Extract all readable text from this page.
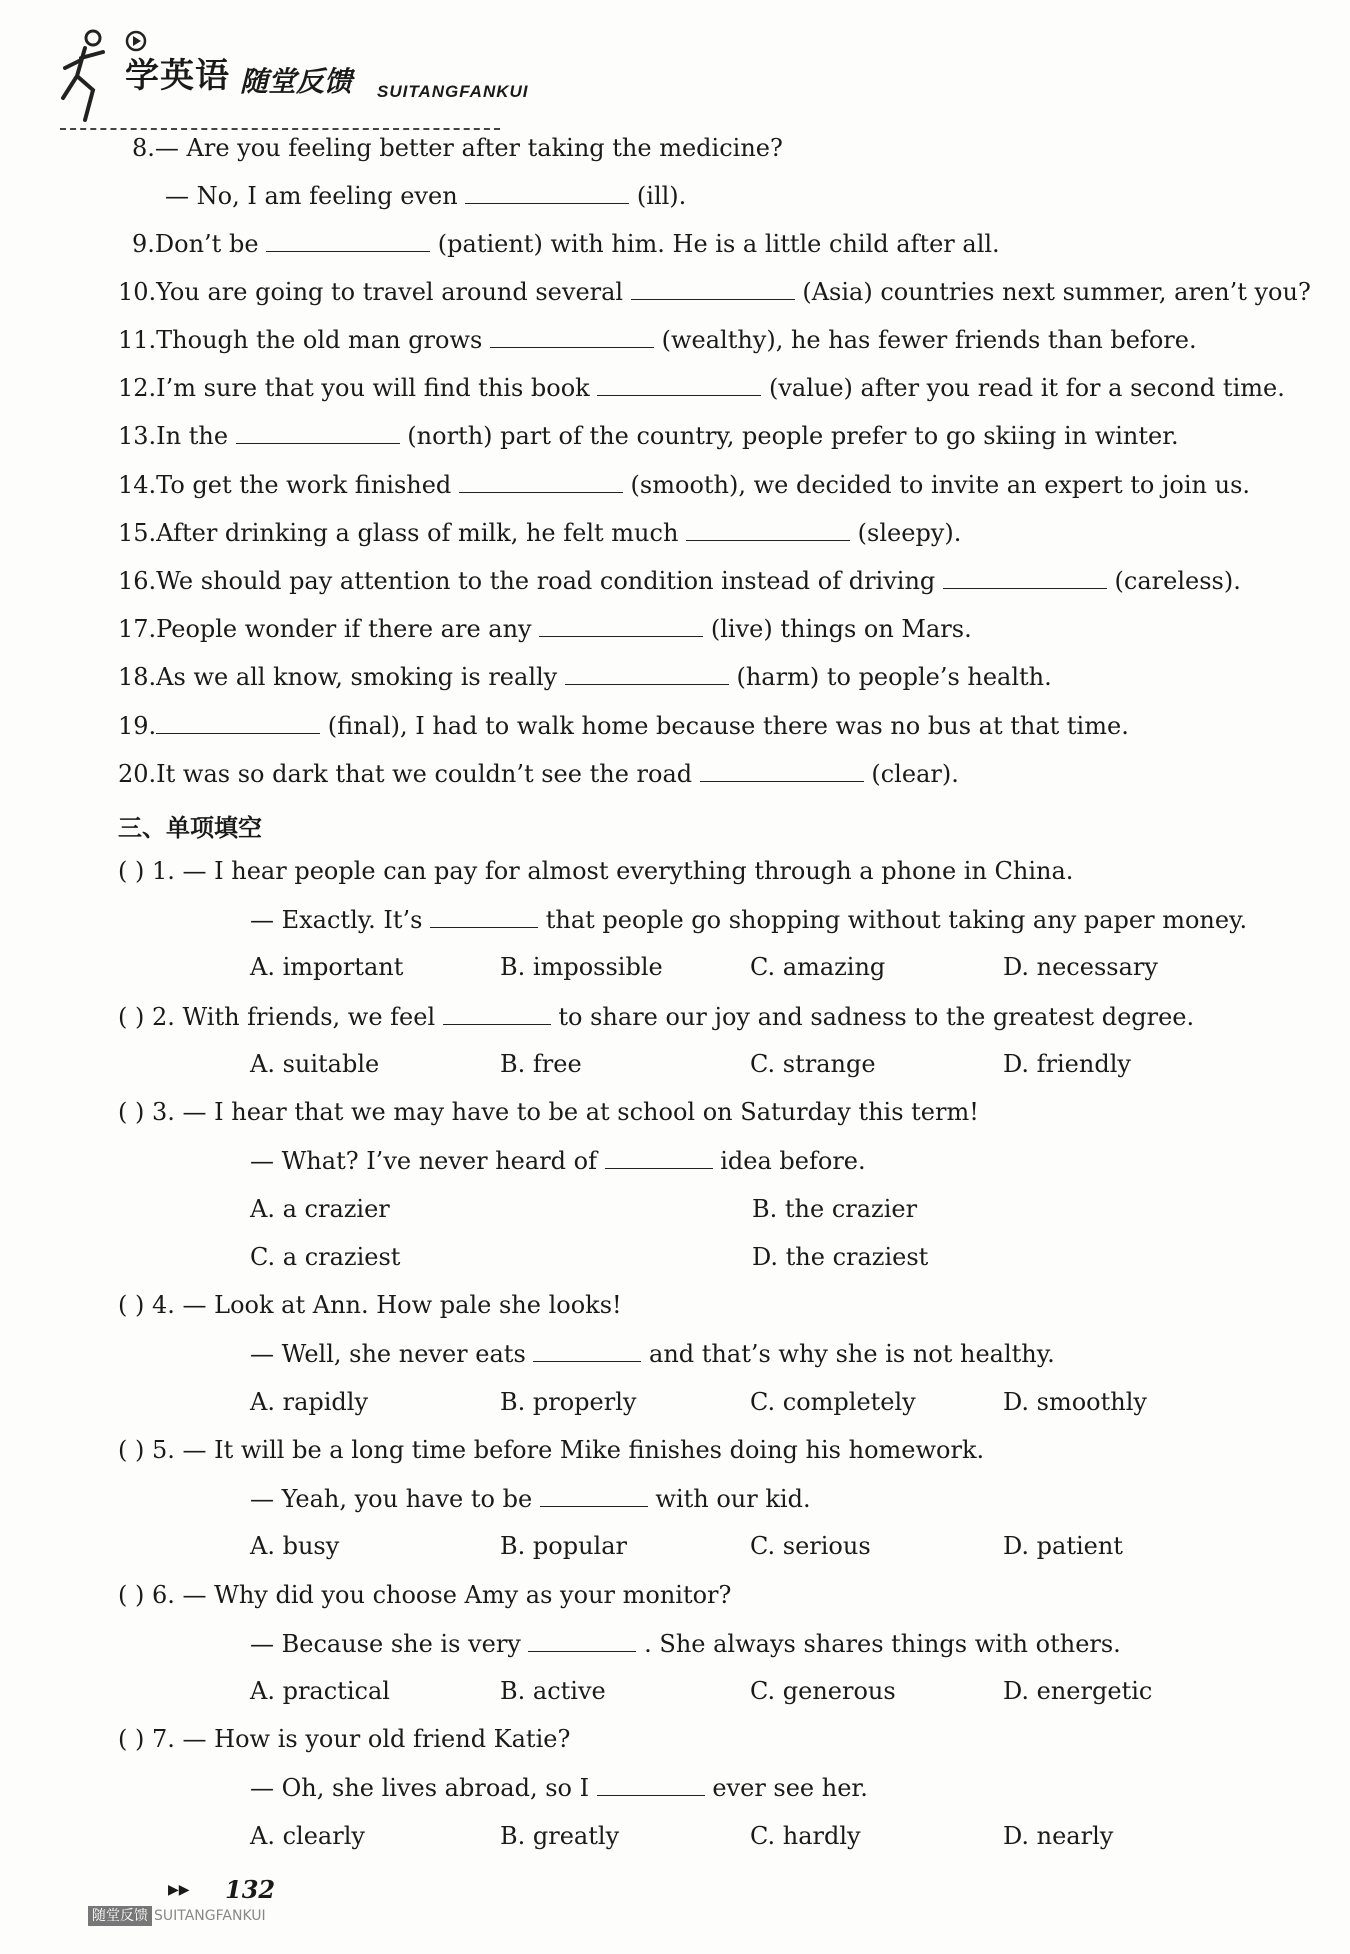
学英语 随堂反馈 SUITANGFANKUI
8.— Are you feeling better after taking the medicine?
— No, I am feeling even	(ill).
9.Don’t be	(patient) with him. He is a little child after all.
10.You are going to travel around several	(Asia) countries next summer, aren’t you?
11.Though the old man grows	(wealthy), he has fewer friends than before.
12.I’m sure that you will find this book	(value) after you read it for a second time.
13.In the	(north) part of the country, people prefer to go skiing in winter.
14.To get the work finished	(smooth), we decided to invite an expert to join us.
15.After drinking a glass of milk, he felt much	(sleepy).
16.We should pay attention to the road condition instead of driving	(careless).
17.People wonder if there are any	(live) things on Mars.
18.As we all know, smoking is really	(harm) to people’s health.
19.	(final), I had to walk home because there was no bus at that time.
20.It was so dark that we couldn’t see the road	(clear).
三、单项填空
( ) 1. — I hear people can pay for almost everything through a phone in China.
— Exactly. It’s	that people go shopping without taking any paper money.
A. important	B. impossible	C. amazing	D. necessary
( ) 2. With friends, we feel	to share our joy and sadness to the greatest degree.
A. suitable	B. free	C. strange	D. friendly
( ) 3. — I hear that we may have to be at school on Saturday this term!
— What? I’ve never heard of	idea before.
A. a crazier	B. the crazier
C. a craziest	D. the craziest
( ) 4. — Look at Ann. How pale she looks!
— Well, she never eats	and that’s why she is not healthy.
A. rapidly	B. properly	C. completely	D. smoothly
( ) 5. — It will be a long time before Mike finishes doing his homework.
— Yeah, you have to be	with our kid.
A. busy	B. popular	C. serious	D. patient
( ) 6. — Why did you choose Amy as your monitor?
— Because she is very	. She always shares things with others.
A. practical	B. active	C. generous	D. energetic
( ) 7. — How is your old friend Katie?
— Oh, she lives abroad, so I	ever see her.
A. clearly	B. greatly	C. hardly	D. nearly
▶▶ 132
随堂反馈 SUITANGFANKUI
